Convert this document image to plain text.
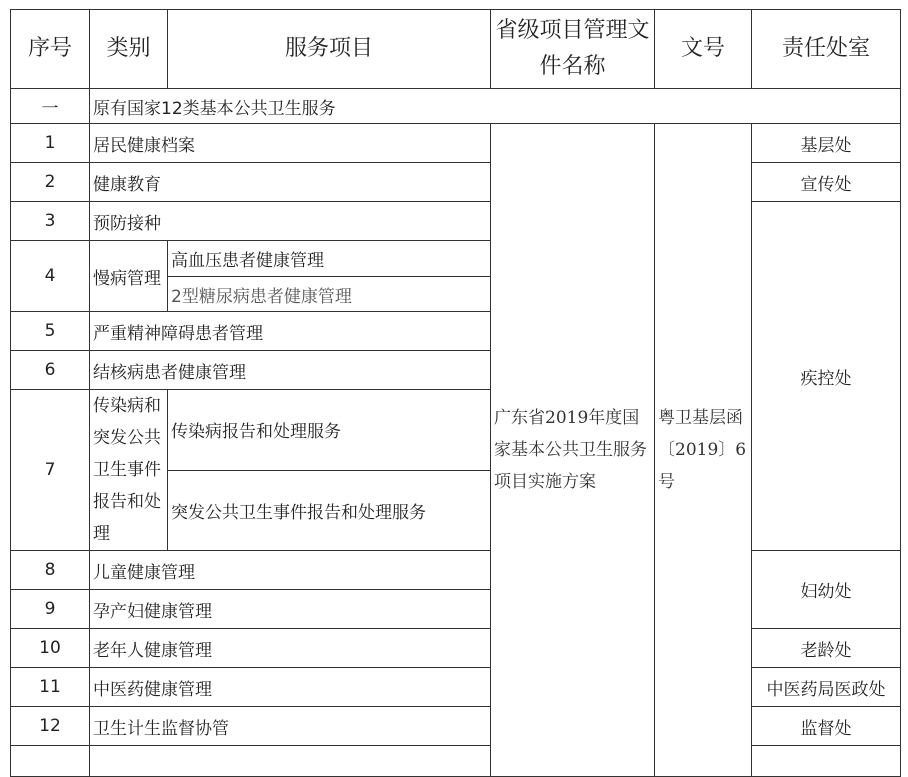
序号	类别	服务项目	省级项目管理文件名称	文号	责任处室	
一	原有国家12类基本公共卫生服务					
1	居民健康档案		广东省2019年度国家基本公共卫生服务项目实施方案	粤卫基层函〔2019〕6号	基层处	
2	健康教育				宣传处	
3	预防接种				疾控处	
4	慢病管理	高血压患者健康管理				
		2型糖尿病患者健康管理				
5	严重精神障碍患者管理					
6	结核病患者健康管理					
7	传染病和突发公共卫生事件报告和处理	传染病报告和处理服务				
		突发公共卫生事件报告和处理服务	
8	儿童健康管理				妇幼处	
9	孕产妇健康管理					
10	老年人健康管理				老龄处	
11	中医药健康管理				中医药局医政处	
12	卫生计生监督协管				监督处	
